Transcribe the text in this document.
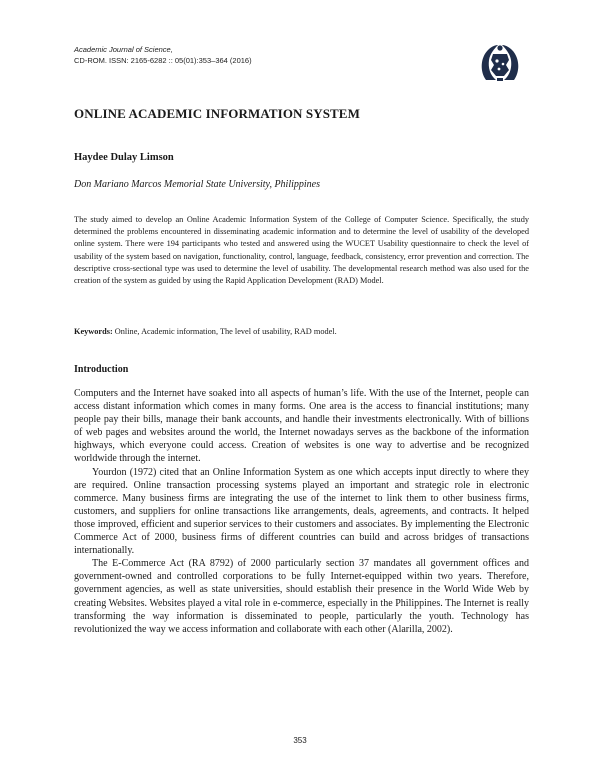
Academic Journal of Science,
CD-ROM. ISSN: 2165-6282 :: 05(01):353–364 (2016)
ONLINE ACADEMIC INFORMATION SYSTEM
Haydee Dulay Limson
Don Mariano Marcos Memorial State University, Philippines

The study aimed to develop an Online Academic Information System of the College of Computer Science. Specifically, the study determined the problems encountered in disseminating academic information and to determine the level of usability of the developed online system. There were 194 participants who tested and answered using the WUCET Usability questionnaire to check the level of usability of the system based on navigation, functionality, control, language, feedback, consistency, error prevention and correction. The descriptive cross-sectional type was used to determine the level of usability. The developmental research method was also used for the creation of the system as guided by using the Rapid Application Development (RAD) Model.

Keywords: Online, Academic information, The level of usability, RAD model.

Introduction

Computers and the Internet have soaked into all aspects of human’s life. With the use of the Internet, people can access distant information which comes in many forms. One area is the access to financial institutions; many people pay their bills, manage their bank accounts, and handle their investments electronically. With of billions of web pages and websites around the world, the Internet nowadays serves as the backbone of the information highways, which everyone could access. Creation of websites is one way to advertise and be recognized worldwide through the internet.

Yourdon (1972) cited that an Online Information System as one which accepts input directly to where they are required. Online transaction processing systems played an important and strategic role in electronic commerce. Many business firms are integrating the use of the internet to link them to other business firms, customers, and suppliers for online transactions like arrangements, deals, agreements, and contracts. It helped those improved, efficient and superior services to their customers and associates. By implementing the Electronic Commerce Act of 2000, business firms of different countries can build and across bridges of transactions internationally.

The E-Commerce Act (RA 8792) of 2000 particularly section 37 mandates all government offices and government-owned and controlled corporations to be fully Internet-equipped within two years. Therefore, government agencies, as well as state universities, should establish their presence in the World Wide Web by creating Websites. Websites played a vital role in e-commerce, especially in the Philippines. The Internet is really transforming the way information is disseminated to people, particularly the youth. Technology has revolutionized the way we access information and collaborate with each other (Alarilla, 2002).

353
